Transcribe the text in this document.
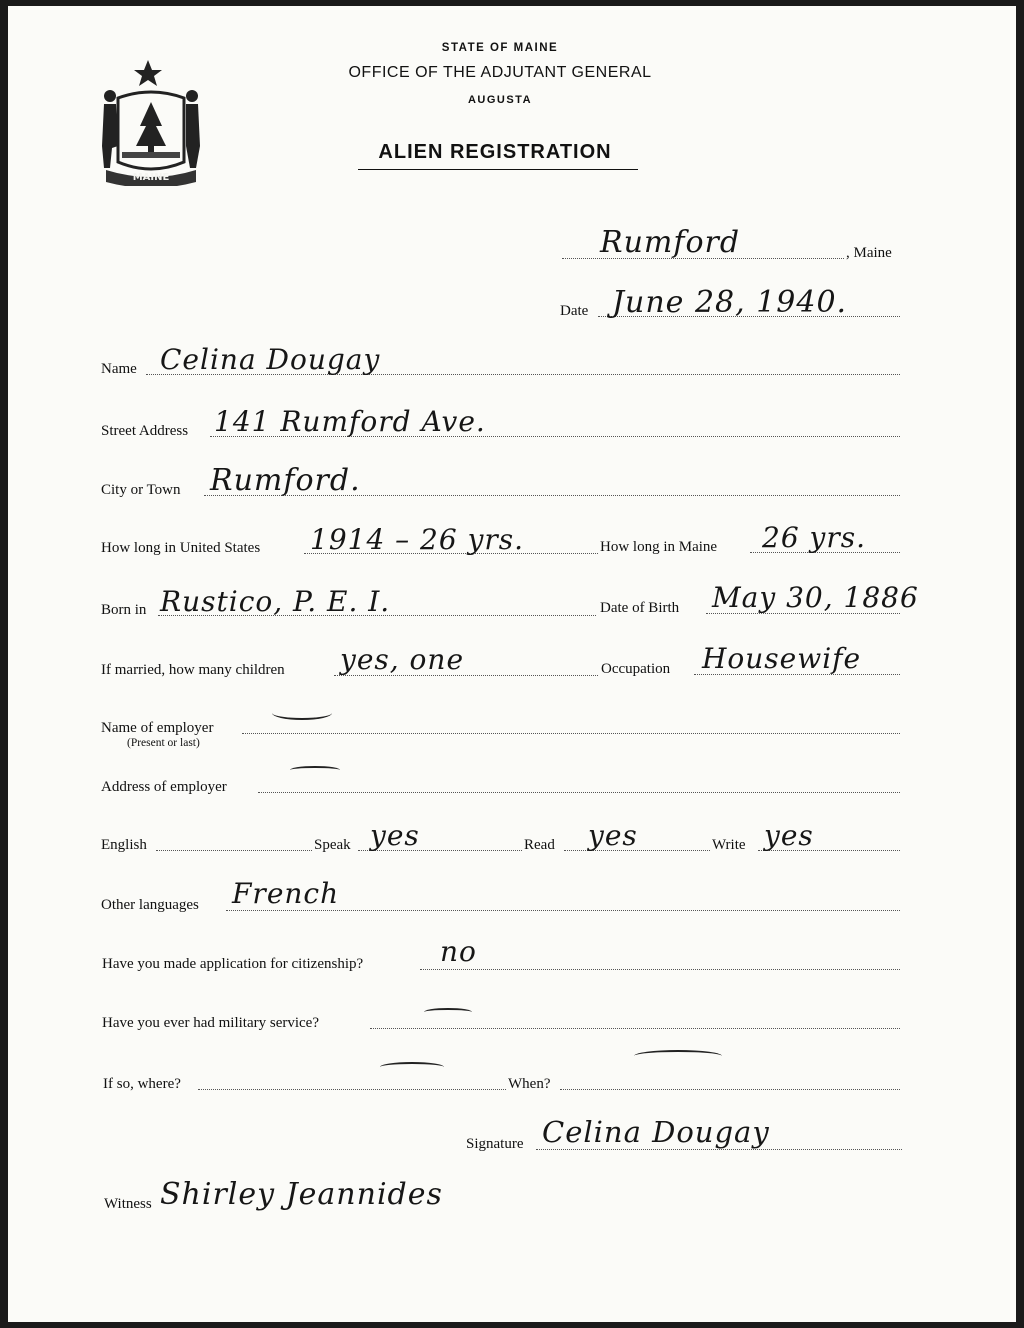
MAINE
STATE OF MAINE
OFFICE OF THE ADJUTANT GENERAL
AUGUSTA
ALIEN REGISTRATION
Rumford	, Maine
Date June 28, 1940.
Name Celina Dougay
Street Address 141 Rumford Ave.
City or Town Rumford.
How long in United States 1914 – 26 yrs.	How long in Maine 26 yrs.
Born in Rustico, P. E. I.	Date of Birth May 30, 1886
If married, how many children yes, one	Occupation Housewife
Name of employer
(Present or last)
Address of employer
English	Speak yes	Read yes	Write yes
Other languages French
Have you made application for citizenship?	no
Have you ever had military service?
If so, where?	When?
Signature Celina Dougay
Witness Shirley Jeannides
